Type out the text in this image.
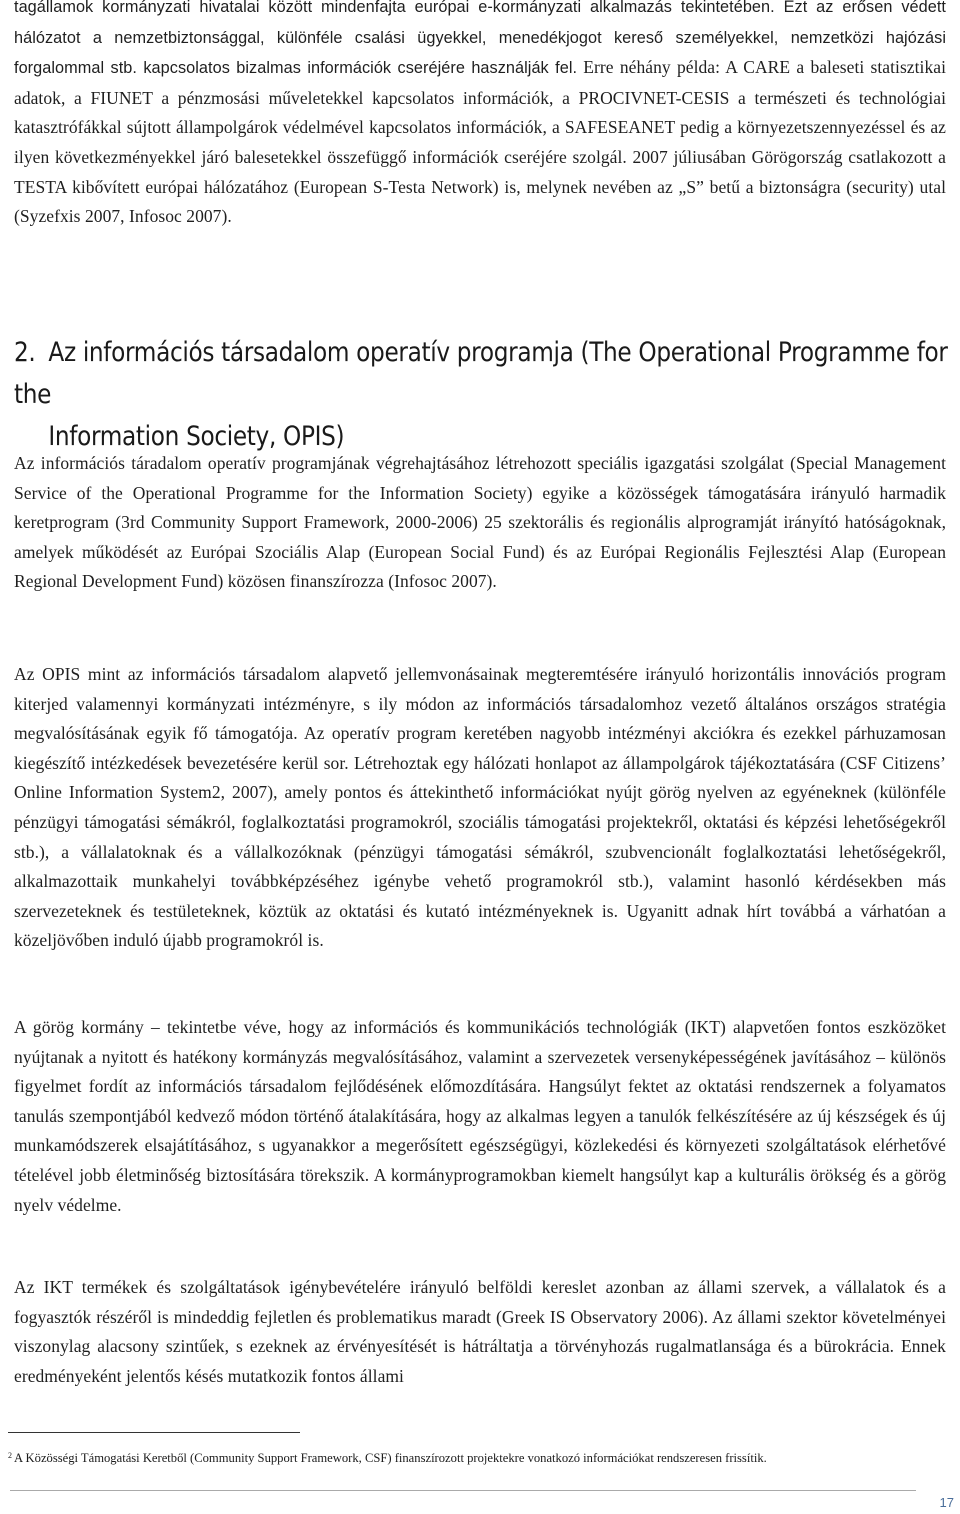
tagállamok kormányzati hivatalai között mindenfajta európai e-kormányzati alkalmazás tekintetében. Ezt az erősen védett hálózatot a nemzetbiztonsággal, különféle csalási ügyekkel, menedékjogot kereső személyekkel, nemzetközi hajózási forgalommal stb. kapcsolatos bizalmas információk cseréjére használják fel. Erre néhány példa: A CARE a baleseti statisztikai adatok, a FIUNET a pénzmosási műveletekkel kapcsolatos információk, a PROCIVNET-CESIS a természeti és technológiai katasztrófákkal sújtott állampolgárok védelmével kapcsolatos információk, a SAFESEANET pedig a környezetszennyezéssel és az ilyen következményekkel járó balesetekkel összefüggő információk cseréjére szolgál. 2007 júliusában Görögország csatlakozott a TESTA kibővített európai hálózatához (European S-Testa Network) is, melynek nevében az „S” betű a biztonságra (security) utal (Syzefxis 2007, Infosoc 2007).

2. Az információs társadalom operatív programja (The Operational Programme for the
Information Society, OPIS)

Az információs táradalom operatív programjának végrehajtásához létrehozott speciális igazgatási szolgálat (Special Management Service of the Operational Programme for the Information Society) egyike a közösségek támogatására irányuló harmadik keretprogram (3rd Community Support Framework, 2000-2006) 25 szektorális és regionális alprogramját irányító hatóságoknak, amelyek működését az Európai Szociális Alap (European Social Fund) és az Európai Regionális Fejlesztési Alap (European Regional Development Fund) közösen finanszírozza (Infosoc 2007).

Az OPIS mint az információs társadalom alapvető jellemvonásainak megteremtésére irányuló horizontális innovációs program kiterjed valamennyi kormányzati intézményre, s ily módon az információs társadalomhoz vezető általános országos stratégia megvalósításának egyik fő támogatója. Az operatív program keretében nagyobb intézményi akciókra és ezekkel párhuzamosan kiegészítő intézkedések bevezetésére kerül sor. Létrehoztak egy hálózati honlapot az állampolgárok tájékoztatására (CSF Citizens’ Online Information System2, 2007), amely pontos és áttekinthető információkat nyújt görög nyelven az egyéneknek (különféle pénzügyi támogatási sémákról, foglalkoztatási programokról, szociális támogatási projektekről, oktatási és képzési lehetőségekről stb.), a vállalatoknak és a vállalkozóknak (pénzügyi támogatási sémákról, szubvencionált foglalkoztatási lehetőségekről, alkalmazottaik munkahelyi továbbképzéséhez igénybe vehető programokról stb.), valamint hasonló kérdésekben más szervezeteknek és testületeknek, köztük az oktatási és kutató intézményeknek is. Ugyanitt adnak hírt továbbá a várhatóan a közeljövőben induló újabb programokról is.

A görög kormány – tekintetbe véve, hogy az információs és kommunikációs technológiák (IKT) alapvetően fontos eszközöket nyújtanak a nyitott és hatékony kormányzás megvalósításához, valamint a szervezetek versenyképességének javításához – különös figyelmet fordít az információs társadalom fejlődésének előmozdítására. Hangsúlyt fektet az oktatási rendszernek a folyamatos tanulás szempontjából kedvező módon történő átalakítására, hogy az alkalmas legyen a tanulók felkészítésére az új készségek és új munkamódszerek elsajátításához, s ugyanakkor a megerősített egészségügyi, közlekedési és környezeti szolgáltatások elérhetővé tételével jobb életminőség biztosítására törekszik. A kormányprogramokban kiemelt hangsúlyt kap a kulturális örökség és a görög nyelv védelme.

Az IKT termékek és szolgáltatások igénybevételére irányuló belföldi kereslet azonban az állami szervek, a vállalatok és a fogyasztók részéről is mindeddig fejletlen és problematikus maradt (Greek IS Observatory 2006). Az állami szektor követelményei viszonylag alacsony szintűek, s ezeknek az érvényesítését is hátráltatja a törvényhozás rugalmatlansága és a bürokrácia. Ennek eredményeként jelentős késés mutatkozik fontos állami

$^2$ A Közösségi Támogatási Keretből (Community Support Framework, CSF) finanszírozott projektekre vonatkozó információkat rendszeresen frissítik.
17
